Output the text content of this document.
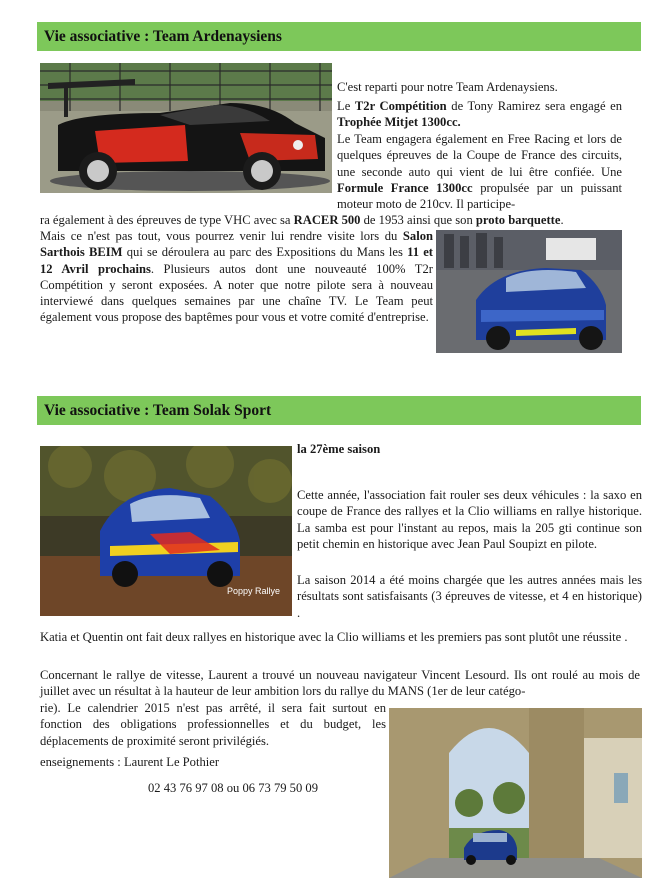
Vie associative : Team Ardenaysiens

C'est reparti pour notre Team Ardenaysiens.

Le T2r Compétition de Tony Ramirez sera engagé en Trophée Mitjet 1300cc.

Le Team engagera également en Free Racing et lors de quelques épreuves de la Coupe de France des circuits, une seconde auto qui vient de lui être confiée. Une Formule France 1300cc propulsée par un puissant moteur moto de 210cv. Il participe-

ra également à des épreuves de type VHC avec sa RACER 500 de 1953 ainsi que son proto barquette.

Mais ce n'est pas tout, vous pourrez venir lui rendre visite lors du Salon Sarthois BEIM qui se déroulera au parc des Expositions du Mans les 11 et 12 Avril prochains. Plusieurs autos dont une nouveauté 100% T2r Compétition y seront exposées. A noter que notre pilote sera à nouveau interviewé dans quelques semaines par une chaîne TV. Le Team peut également vous propose des baptêmes pour vous et votre comité d'entreprise.

Vie associative : Team Solak Sport
Poppy Rallye

la 27ème saison

Cette année, l'association fait rouler ses deux véhicules : la saxo en coupe de France des rallyes et la Clio williams en rallye historique. La samba est pour l'instant au repos, mais la 205 gti continue son petit chemin en historique avec Jean Paul Soupizt en pilote.

La saison 2014 a été moins chargée que les autres années mais les résultats sont satisfaisants (3 épreuves de vitesse, et 4 en historique) .

Katia et Quentin ont fait deux rallyes en historique avec la Clio williams et les premiers pas sont plutôt une réussite .

Concernant le rallye de vitesse, Laurent a trouvé un nouveau navigateur Vincent Lesourd. Ils ont roulé au mois de juillet avec un résultat à la hauteur de leur ambition lors du rallye du MANS (1er de leur catégo-

rie). Le calendrier 2015 n'est pas arrêté, il sera fait surtout en fonction des obligations professionnelles et du budget, les déplacements de proximité seront privilégiés.

enseignements : Laurent Le Pothier

02 43 76 97 08 ou 06 73 79 50 09
